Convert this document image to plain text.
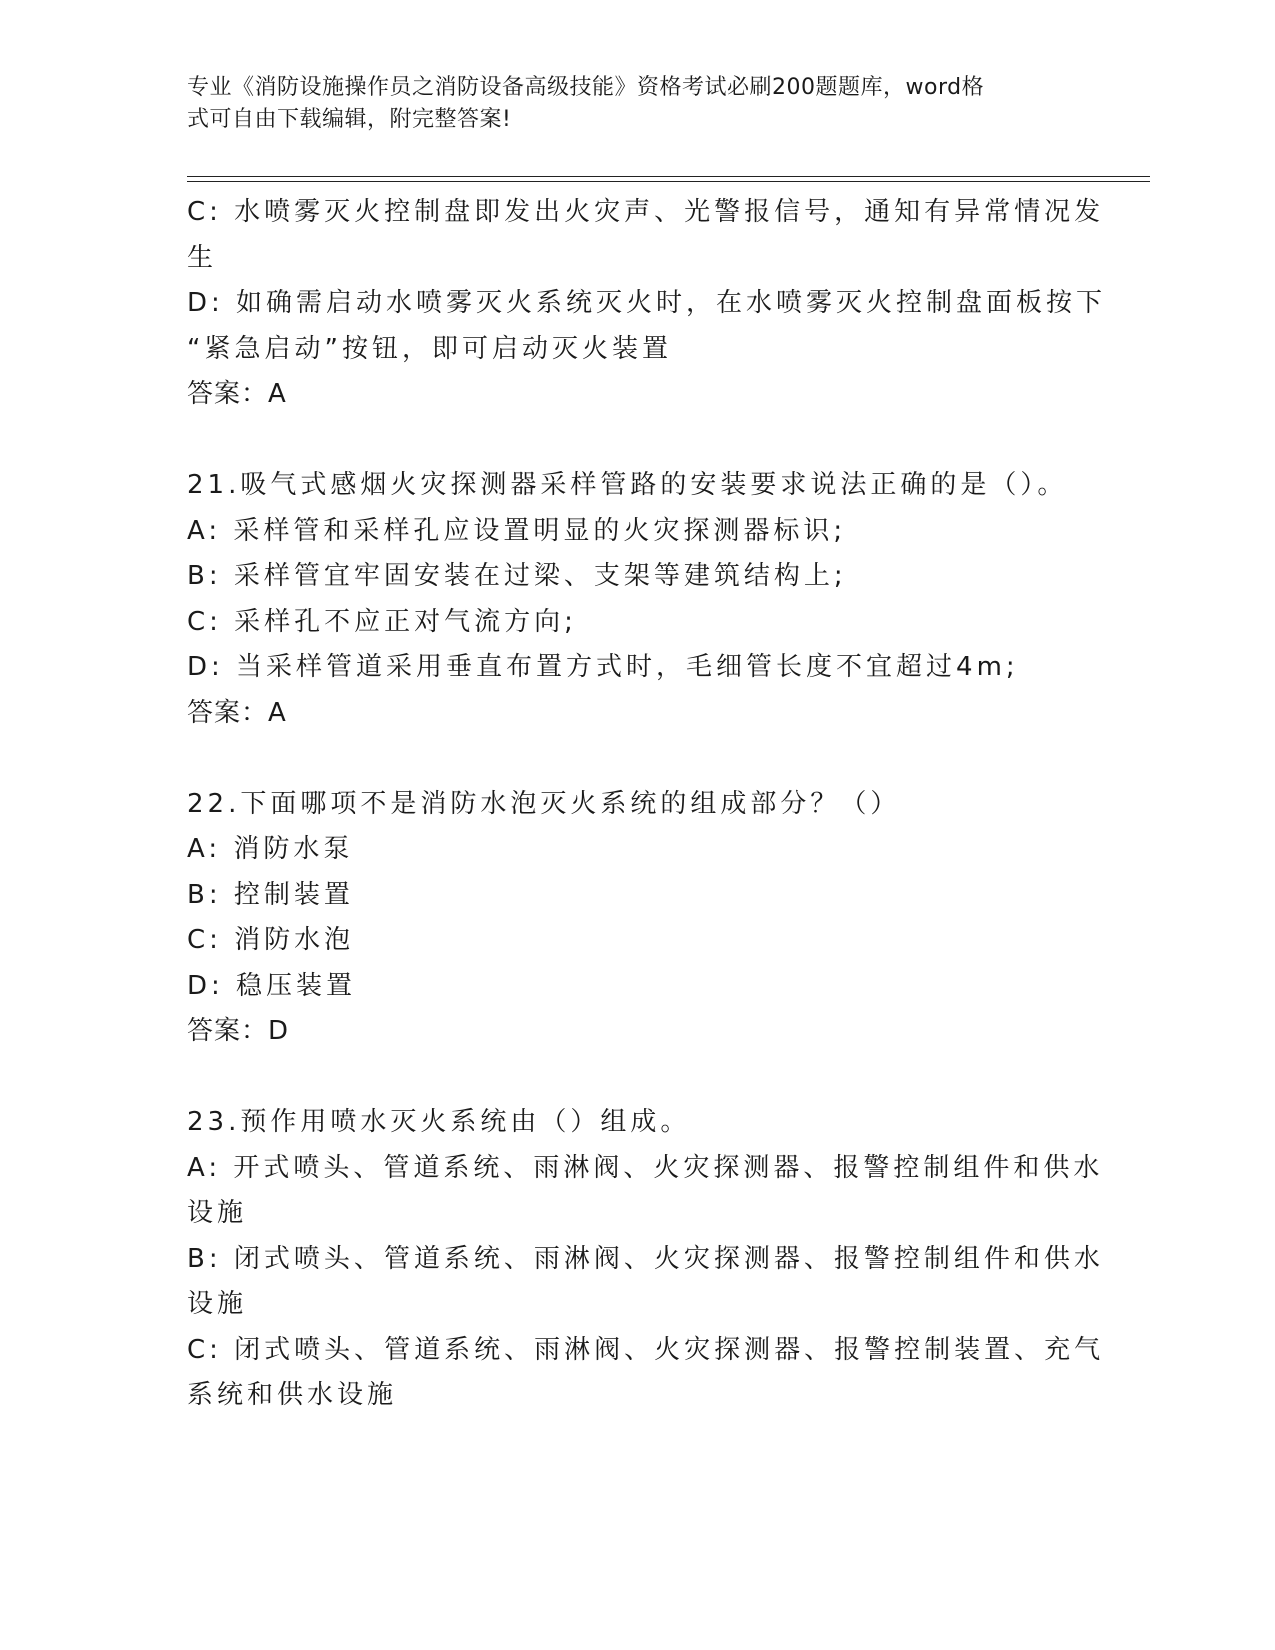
专业《消防设施操作员之消防设备高级技能》资格考试必刷200题题库，word格
式可自由下载编辑，附完整答案!
C: 水喷雾灭火控制盘即发出火灾声、光警报信号，通知有异常情况发
生
D: 如确需启动水喷雾灭火系统灭火时，在水喷雾灭火控制盘面板按下
“紧急启动”按钮，即可启动灭火装置
答案：A
21.吸气式感烟火灾探测器采样管路的安装要求说法正确的是（）。
A: 采样管和采样孔应设置明显的火灾探测器标识;
B: 采样管宜牢固安装在过梁、支架等建筑结构上;
C: 采样孔不应正对气流方向;
D: 当采样管道采用垂直布置方式时，毛细管长度不宜超过4m;
答案：A
22.下面哪项不是消防水泡灭火系统的组成部分？（）
A: 消防水泵
B: 控制装置
C: 消防水泡
D: 稳压装置
答案：D
23.预作用喷水灭火系统由（）组成。
A: 开式喷头、管道系统、雨淋阀、火灾探测器、报警控制组件和供水
设施
B: 闭式喷头、管道系统、雨淋阀、火灾探测器、报警控制组件和供水
设施
C: 闭式喷头、管道系统、雨淋阀、火灾探测器、报警控制装置、充气
系统和供水设施
